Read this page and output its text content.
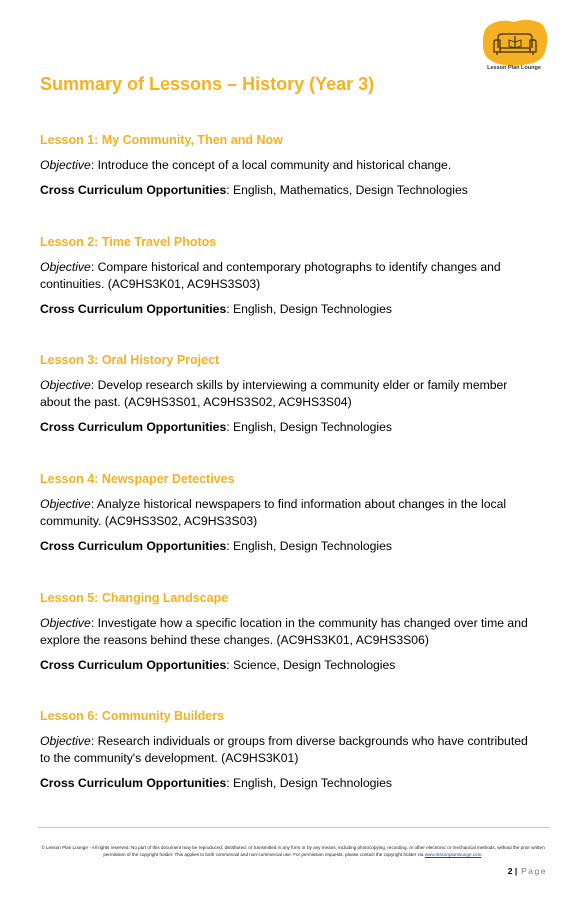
Lesson Plan Lounge
Summary of Lessons – History (Year 3)
Lesson 1: My Community, Then and Now

Objective: Introduce the concept of a local community and historical change.

Cross Curriculum Opportunities: English, Mathematics, Design Technologies

Lesson 2: Time Travel Photos

Objective: Compare historical and contemporary photographs to identify changes and continuities. (AC9HS3K01, AC9HS3S03)

Cross Curriculum Opportunities: English, Design Technologies

Lesson 3: Oral History Project

Objective: Develop research skills by interviewing a community elder or family member about the past. (AC9HS3S01, AC9HS3S02, AC9HS3S04)

Cross Curriculum Opportunities: English, Design Technologies

Lesson 4: Newspaper Detectives

Objective: Analyze historical newspapers to find information about changes in the local community. (AC9HS3S02, AC9HS3S03)

Cross Curriculum Opportunities: English, Design Technologies

Lesson 5: Changing Landscape

Objective: Investigate how a specific location in the community has changed over time and explore the reasons behind these changes. (AC9HS3K01, AC9HS3S06)

Cross Curriculum Opportunities: Science, Design Technologies

Lesson 6: Community Builders

Objective: Research individuals or groups from diverse backgrounds who have contributed to the community's development. (AC9HS3K01)

Cross Curriculum Opportunities: English, Design Technologies

© Lesson Plan Lounge - All rights reserved. No part of this document may be reproduced, distributed, or transmitted in any form or by any means, including photocopying, recording, or other electronic or mechanical methods, without the prior written permission of the copyright holder. This applies to both commercial and non-commercial use. For permission requests, please contact the copyright holder via www.lessonplanlounge.com.
2 | Page
